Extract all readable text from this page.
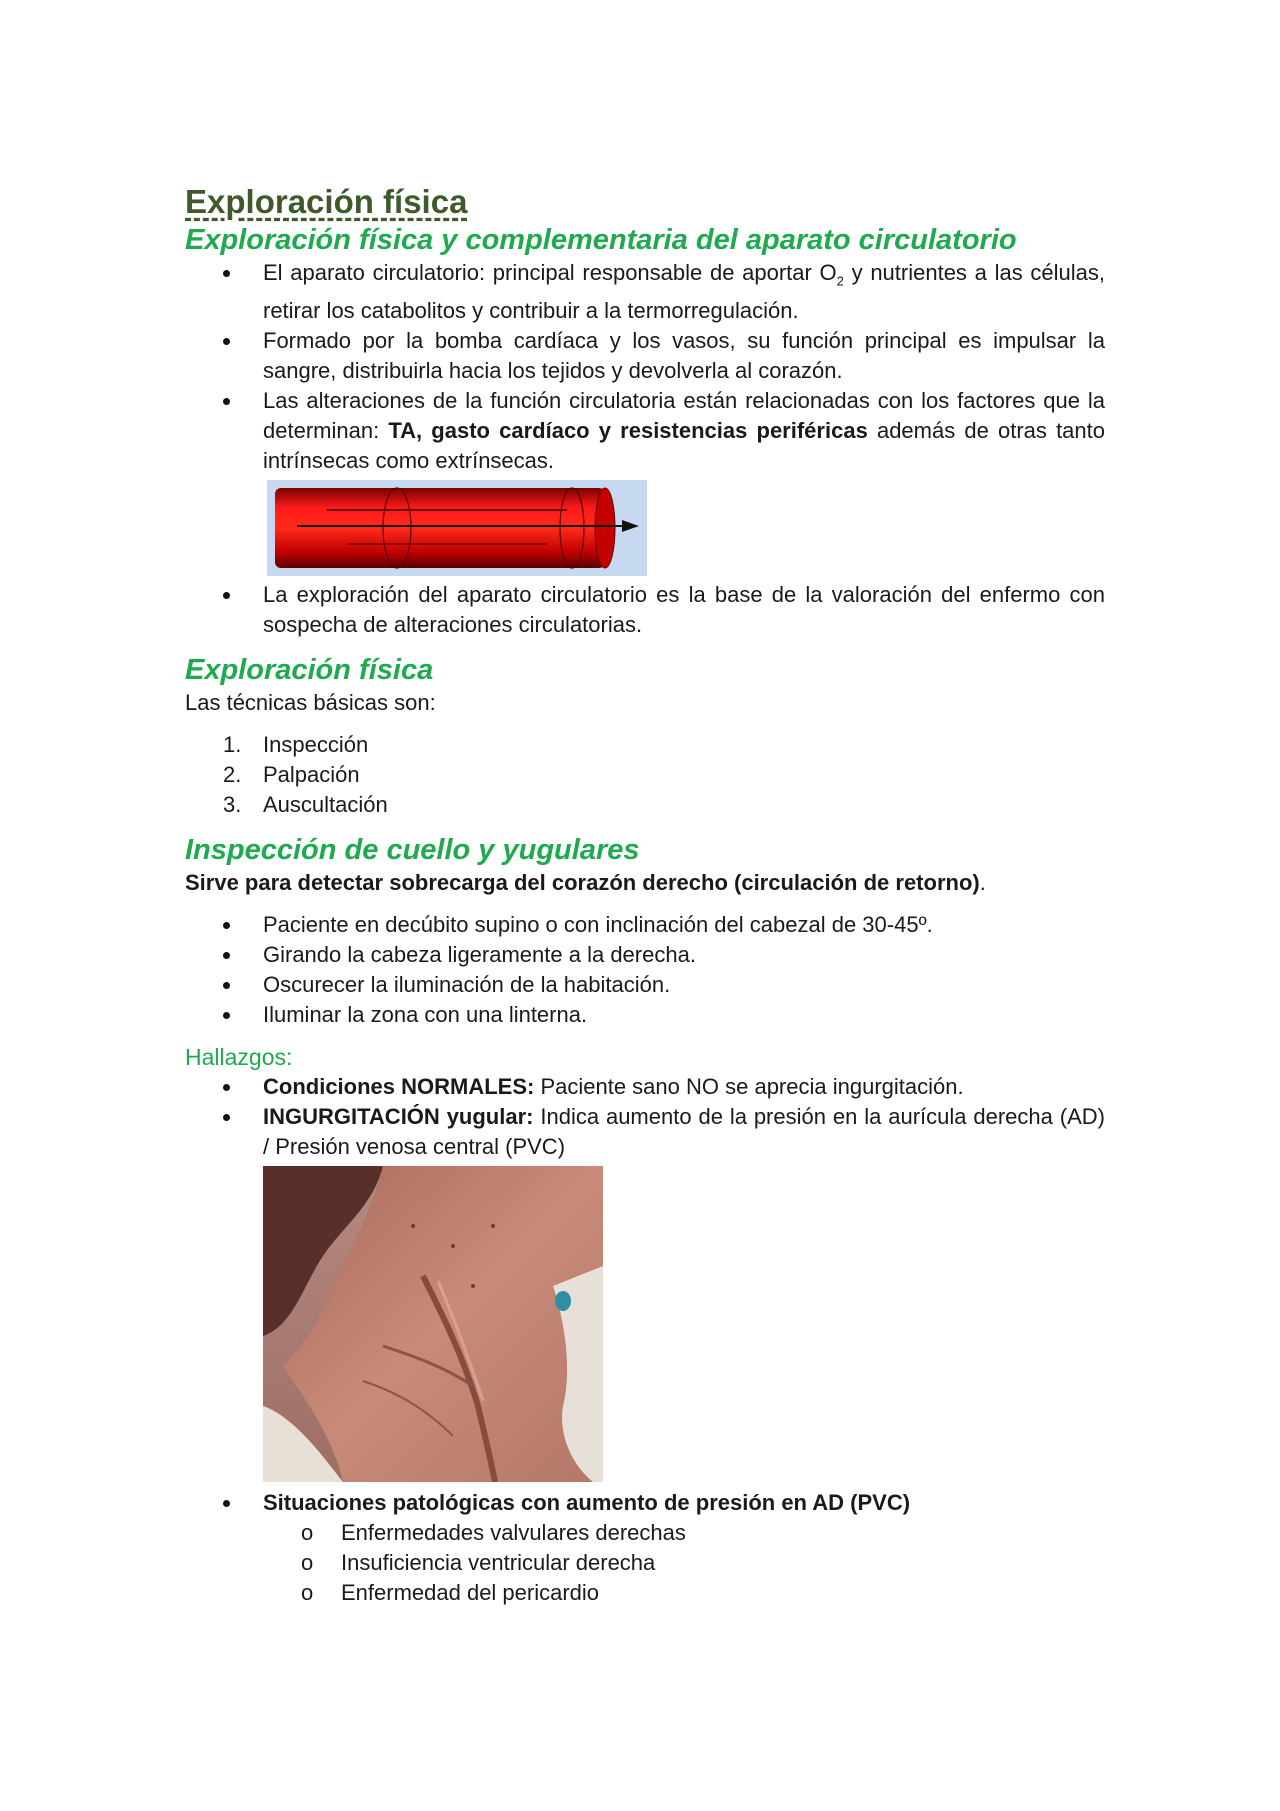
Exploración física
Exploración física y complementaria del aparato circulatorio
El aparato circulatorio: principal responsable de aportar $O_2$ y nutrientes a las células, retirar los catabolitos y contribuir a la termorregulación.
Formado por la bomba cardíaca y los vasos, su función principal es impulsar la sangre, distribuirla hacia los tejidos y devolverla al corazón.
Las alteraciones de la función circulatoria están relacionadas con los factores que la determinan: TA, gasto cardíaco y resistencias periféricas además de otras tanto intrínsecas como extrínsecas.
La exploración del aparato circulatorio es la base de la valoración del enfermo con sospecha de alteraciones circulatorias.
Exploración física

Las técnicas básicas son:

1. Inspección
2. Palpación
3. Auscultación
Inspección de cuello y yugulares

Sirve para detectar sobrecarga del corazón derecho (circulación de retorno).

Paciente en decúbito supino o con inclinación del cabezal de 30-45º.
Girando la cabeza ligeramente a la derecha.
Oscurecer la iluminación de la habitación.
Iluminar la zona con una linterna.

Hallazgos:

Condiciones NORMALES: Paciente sano NO se aprecia ingurgitación.
INGURGITACIÓN yugular: Indica aumento de la presión en la aurícula derecha (AD) / Presión venosa central (PVC)
Situaciones patológicas con aumento de presión en AD (PVC)
o Enfermedades valvulares derechas
o Insuficiencia ventricular derecha
o Enfermedad del pericardio
